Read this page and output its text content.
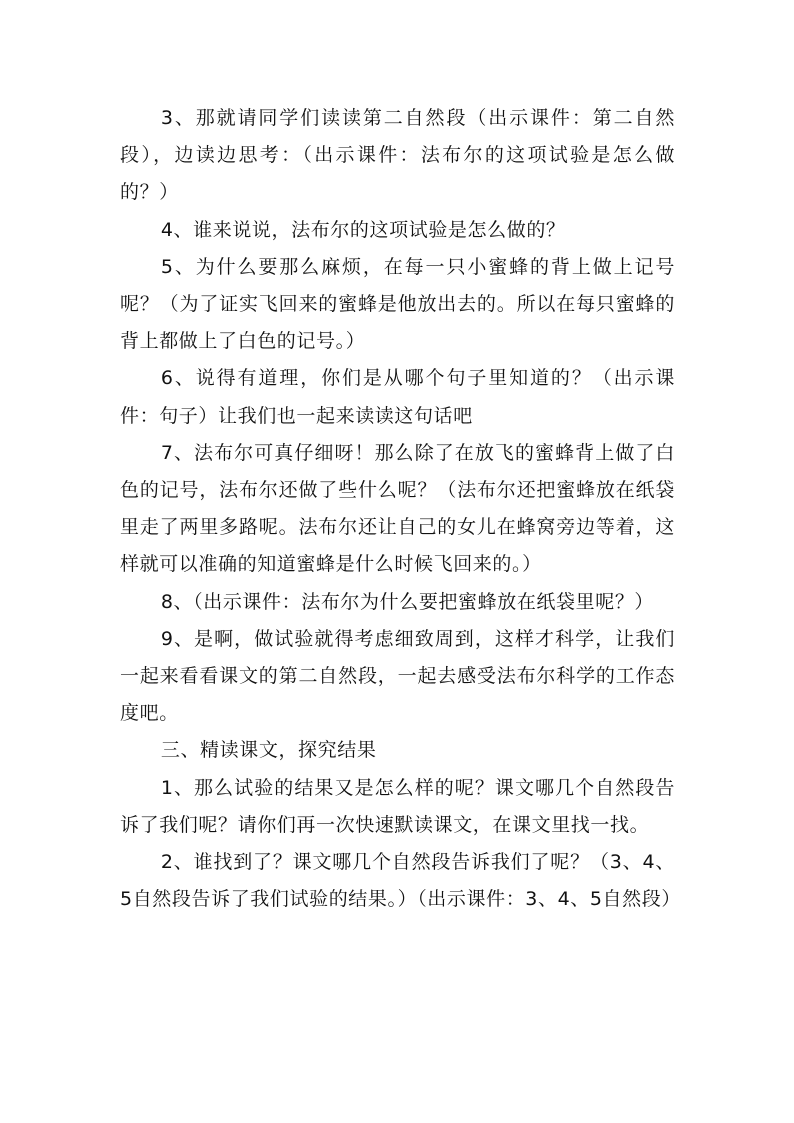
3、那就请同学们读读第二自然段（出示课件：第二自然段），边读边思考：（出示课件：法布尔的这项试验是怎么做的？）

4、谁来说说，法布尔的这项试验是怎么做的？

5、为什么要那么麻烦，在每一只小蜜蜂的背上做上记号呢？（为了证实飞回来的蜜蜂是他放出去的。所以在每只蜜蜂的背上都做上了白色的记号。）

6、说得有道理，你们是从哪个句子里知道的？（出示课件：句子）让我们也一起来读读这句话吧

7、法布尔可真仔细呀！那么除了在放飞的蜜蜂背上做了白色的记号，法布尔还做了些什么呢？（法布尔还把蜜蜂放在纸袋里走了两里多路呢。法布尔还让自己的女儿在蜂窝旁边等着，这样就可以准确的知道蜜蜂是什么时候飞回来的。）

8、（出示课件：法布尔为什么要把蜜蜂放在纸袋里呢？）

9、是啊，做试验就得考虑细致周到，这样才科学，让我们一起来看看课文的第二自然段，一起去感受法布尔科学的工作态度吧。

三、精读课文，探究结果

1、那么试验的结果又是怎么样的呢？课文哪几个自然段告诉了我们呢？请你们再一次快速默读课文，在课文里找一找。

2、谁找到了？课文哪几个自然段告诉我们了呢？（3、4、5自然段告诉了我们试验的结果。）（出示课件：3、4、5自然段）
